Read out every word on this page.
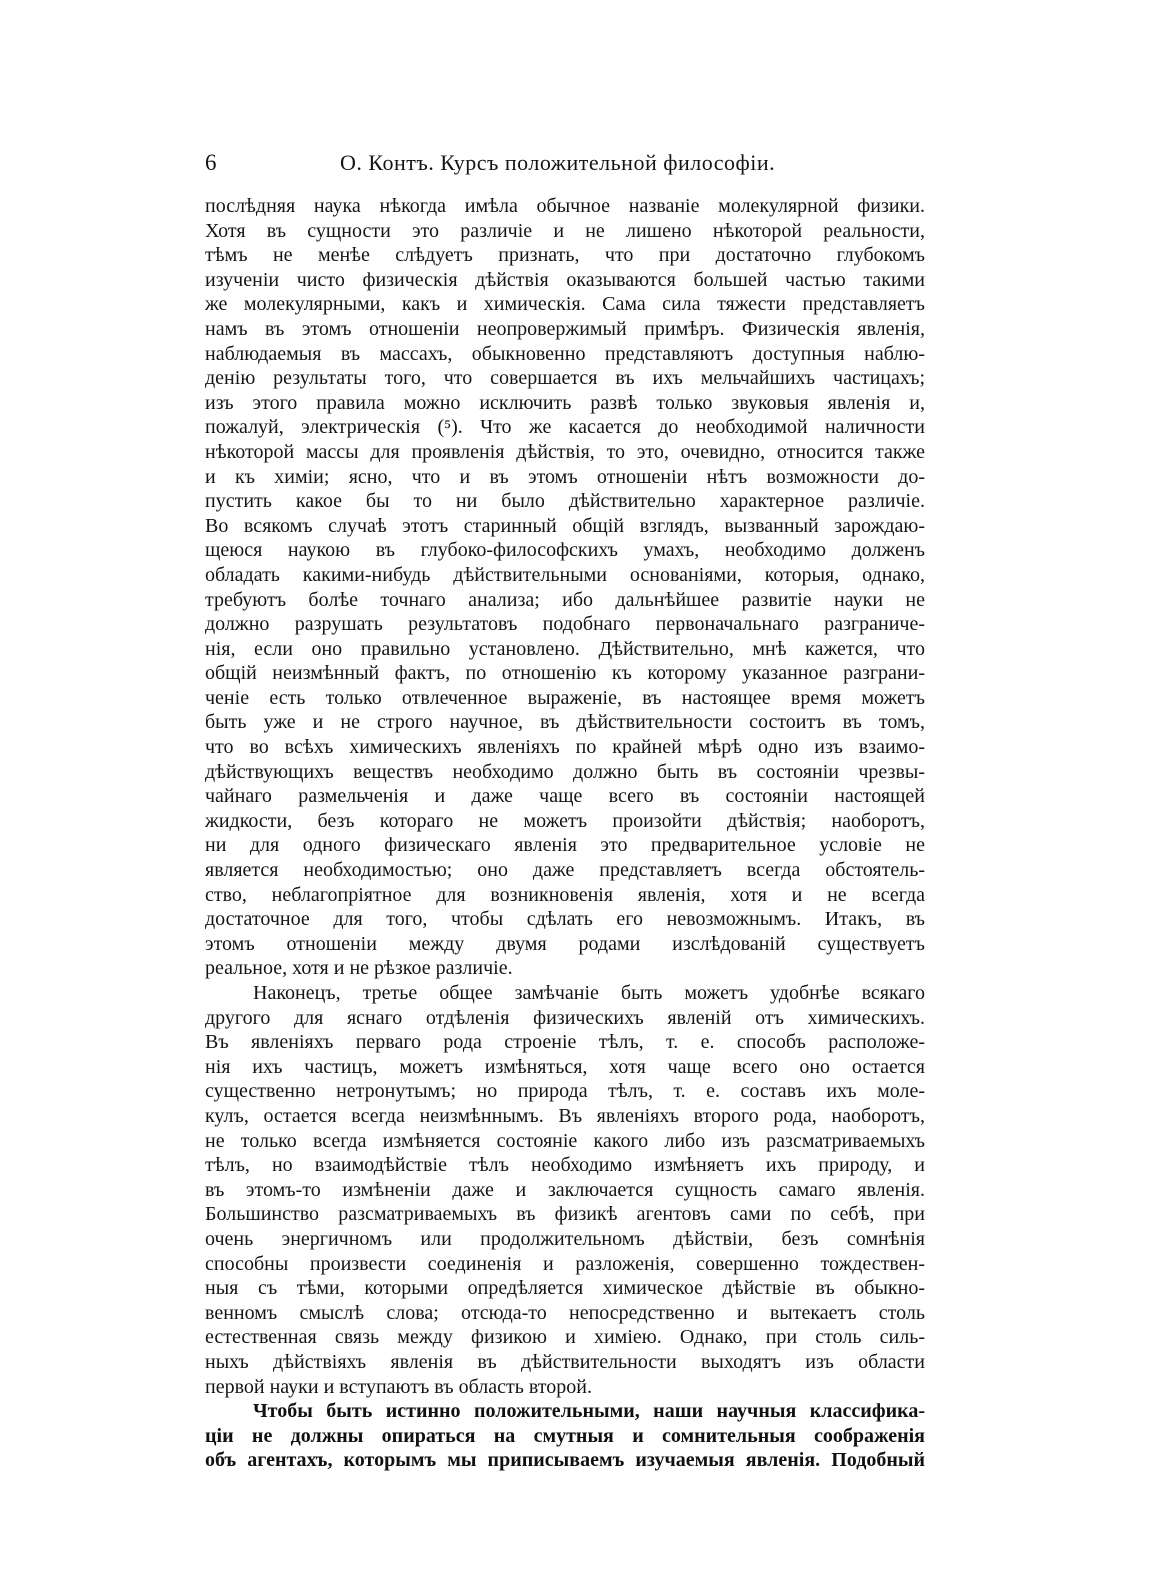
6	О. Контъ. Курсъ положительной философіи.
послѣдняя наука нѣкогда имѣла обычное названіе молекулярной физики.
Хотя въ сущности это различіе и не лишено нѣкоторой реальности,
тѣмъ не менѣе слѣдуетъ признать, что при достаточно глубокомъ
изученіи чисто физическія дѣйствія оказываются большей частью такими
же молекулярными, какъ и химическія. Сама сила тяжести представляетъ
намъ въ этомъ отношеніи неопровержимый примѣръ. Физическія явленія,
наблюдаемыя въ массахъ, обыкновенно представляютъ доступныя наблю-
денію результаты того, что совершается въ ихъ мельчайшихъ частицахъ;
изъ этого правила можно исключить развѣ только звуковыя явленія и,
пожалуй, электрическія (⁵). Что же касается до необходимой наличности
нѣкоторой массы для проявленія дѣйствія, то это, очевидно, относится также
и къ химіи; ясно, что и въ этомъ отношеніи нѣтъ возможности до-
пустить какое бы то ни было дѣйствительно характерное различіе.
Во всякомъ случаѣ этотъ старинный общій взглядъ, вызванный зарождаю-
щеюся наукою въ глубоко-философскихъ умахъ, необходимо долженъ
обладать какими-нибудь дѣйствительными основаніями, которыя, однако,
требуютъ болѣе точнаго анализа; ибо дальнѣйшее развитіе науки не
должно разрушать результатовъ подобнаго первоначальнаго разграниче-
нія, если оно правильно установлено. Дѣйствительно, мнѣ кажется, что
общій неизмѣнный фактъ, по отношенію къ которому указанное разграни-
ченіе есть только отвлеченное выраженіе, въ настоящее время можетъ
быть уже и не строго научное, въ дѣйствительности состоитъ въ томъ,
что во всѣхъ химическихъ явленіяхъ по крайней мѣрѣ одно изъ взаимо-
дѣйствующихъ веществъ необходимо должно быть въ состояніи чрезвы-
чайнаго размельченія и даже чаще всего въ состояніи настоящей
жидкости, безъ котораго не можетъ произойти дѣйствія; наоборотъ,
ни для одного физическаго явленія это предварительное условіе не
является необходимостью; оно даже представляетъ всегда обстоятель-
ство, неблагопріятное для возникновенія явленія, хотя и не всегда
достаточное для того, чтобы сдѣлать его невозможнымъ. Итакъ, въ
этомъ отношеніи между двумя родами изслѣдованій существуетъ
реальное, хотя и не рѣзкое различіе.
Наконецъ, третье общее замѣчаніе быть можетъ удобнѣе всякаго
другого для яснаго отдѣленія физическихъ явленій отъ химическихъ.
Въ явленіяхъ перваго рода строеніе тѣлъ, т. е. способъ расположе-
нія ихъ частицъ, можетъ измѣняться, хотя чаще всего оно остается
существенно нетронутымъ; но природа тѣлъ, т. е. составъ ихъ моле-
кулъ, остается всегда неизмѣннымъ. Въ явленіяхъ второго рода, наоборотъ,
не только всегда измѣняется состояніе какого либо изъ разсматриваемыхъ
тѣлъ, но взаимодѣйствіе тѣлъ необходимо измѣняетъ ихъ природу, и
въ этомъ-то измѣненіи даже и заключается сущность самаго явленія.
Большинство разсматриваемыхъ въ физикѣ агентовъ сами по себѣ, при
очень энергичномъ или продолжительномъ дѣйствіи, безъ сомнѣнія
способны произвести соединенія и разложенія, совершенно тождествен-
ныя съ тѣми, которыми опредѣляется химическое дѣйствіе въ обыкно-
венномъ смыслѣ слова; отсюда-то непосредственно и вытекаетъ столь
естественная связь между физикою и химіею. Однако, при столь силь-
ныхъ дѣйствіяхъ явленія въ дѣйствительности выходятъ изъ области
первой науки и вступаютъ въ область второй.
Чтобы быть истинно положительными, наши научныя классифика-
ціи не должны опираться на смутныя и сомнительныя соображенія
объ агентахъ, которымъ мы приписываемъ изучаемыя явленія. Подобный
